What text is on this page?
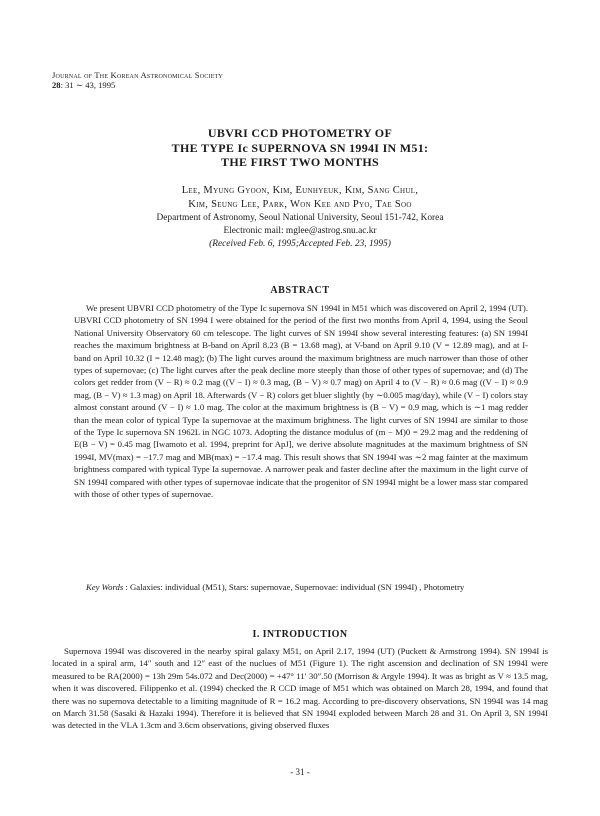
Journal of The Korean Astronomical Society
28: 31 ∼ 43, 1995
UBVRI CCD PHOTOMETRY OF
THE TYPE Ic SUPERNOVA SN 1994I IN M51:
THE FIRST TWO MONTHS
Lee, Myung Gyoon, Kim, Eunhyeuk, Kim, Sang Chul,
Kim, Seung Lee, Park, Won Kee and Pyo, Tae Soo
Department of Astronomy, Seoul National University, Seoul 151-742, Korea
Electronic mail: mglee@astrog.snu.ac.kr
(Received Feb. 6, 1995;Accepted Feb. 23, 1995)
ABSTRACT

We present UBVRI CCD photometry of the Type Ic supernova SN 1994I in M51 which was discovered on April 2, 1994 (UT). UBVRI CCD photometry of SN 1994 I were obtained for the period of the first two months from April 4, 1994, using the Seoul National University Observatory 60 cm telescope. The light curves of SN 1994I show several interesting features: (a) SN 1994I reaches the maximum brightness at B-band on April 8.23 (B = 13.68 mag), at V-band on April 9.10 (V = 12.89 mag), and at I-band on April 10.32 (I = 12.48 mag); (b) The light curves around the maximum brightness are much narrower than those of other types of supernovae; (c) The light curves after the peak decline more steeply than those of other types of supernovae; and (d) The colors get redder from (V − R) ≈ 0.2 mag ((V − I) ≈ 0.3 mag, (B − V) ≈ 0.7 mag) on April 4 to (V − R) ≈ 0.6 mag ((V − I) ≈ 0.9 mag, (B − V) ≈ 1.3 mag) on April 18. Afterwards (V − R) colors get bluer slightly (by ∼0.005 mag/day), while (V − I) colors stay almost constant around (V − I) ≈ 1.0 mag. The color at the maximum brightness is (B − V) = 0.9 mag, which is ∼1 mag redder than the mean color of typical Type Ia supernovae at the maximum brightness. The light curves of SN 1994I are similar to those of the Type Ic supernova SN 1962L in NGC 1073. Adopting the distance modulus of (m − M)0 = 29.2 mag and the reddening of E(B − V) = 0.45 mag [Iwamoto et al. 1994, preprint for ApJ], we derive absolute magnitudes at the maximum brightness of SN 1994I, MV(max) = −17.7 mag and MB(max) = −17.4 mag. This result shows that SN 1994I was ∼2 mag fainter at the maximum brightness compared with typical Type Ia supernovae. A narrower peak and faster decline after the maximum in the light curve of SN 1994I compared with other types of supernovae indicate that the progenitor of SN 1994I might be a lower mass star compared with those of other types of supernovae.

Key Words : Galaxies: individual (M51), Stars: supernovae, Supernovae: individual (SN 1994I) , Photometry

I. INTRODUCTION

Supernova 1994I was discovered in the nearby spiral galaxy M51, on April 2.17, 1994 (UT) (Puckett & Armstrong 1994). SN 1994I is located in a spiral arm, 14″ south and 12″ east of the nuclues of M51 (Figure 1). The right ascension and declination of SN 1994I were measured to be RA(2000) = 13h 29m 54s.072 and Dec(2000) = +47° 11′ 30″.50 (Morrison & Argyle 1994). It was as bright as V ≈ 13.5 mag, when it was discovered. Filippenko et al. (1994) checked the R CCD image of M51 which was obtained on March 28, 1994, and found that there was no supernova detectable to a limiting magnitude of R = 16.2 mag. According to pre-discovery observations, SN 1994I was 14 mag on March 31.58 (Sasaki & Hazaki 1994). Therefore it is believed that SN 1994I exploded between March 28 and 31. On April 3, SN 1994I was detected in the VLA 1.3cm and 3.6cm observations, giving observed fluxes

- 31 -
